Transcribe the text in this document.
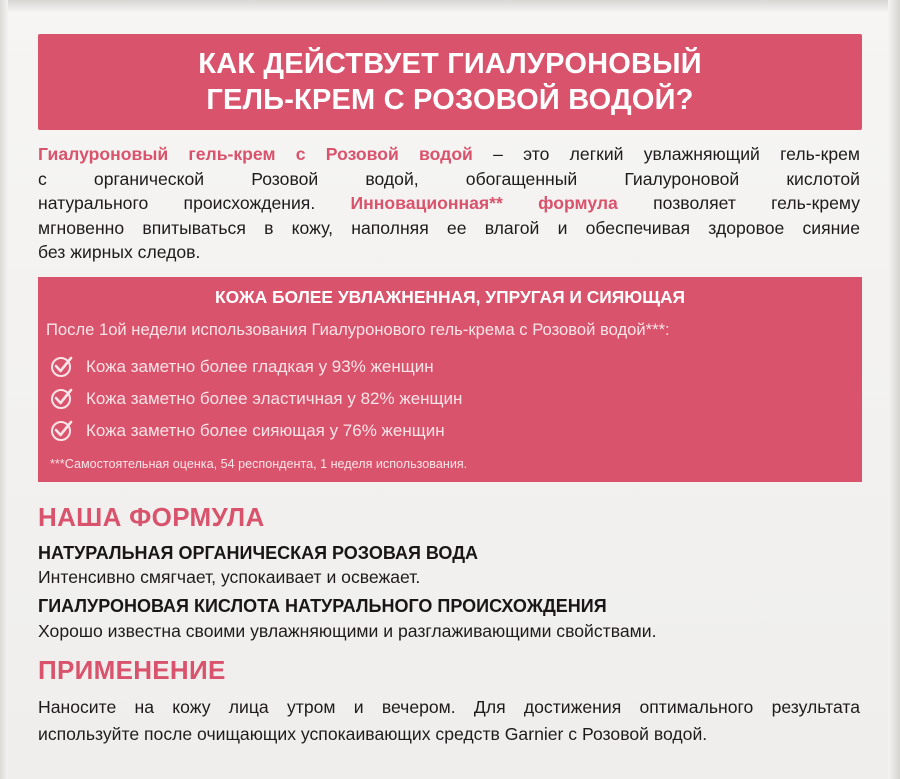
КАК ДЕЙСТВУЕТ ГИАЛУРОНОВЫЙ
ГЕЛЬ-КРЕМ С РОЗОВОЙ ВОДОЙ?
Гиалуроновый гель-крем с Розовой водой – это легкий увлажняющий гель-крем
с органической Розовой водой, обогащенный Гиалуроновой кислотой
натурального происхождения. Инновационная** формула позволяет гель-крему
мгновенно впитываться в кожу, наполняя ее влагой и обеспечивая здоровое сияние
без жирных следов.
КОЖА БОЛЕЕ УВЛАЖНЕННАЯ, УПРУГАЯ И СИЯЮЩАЯ
После 1ой недели использования Гиалуронового гель-крема с Розовой водой***:
Кожа заметно более гладкая у 93% женщин
Кожа заметно более эластичная у 82% женщин
Кожа заметно более сияющая у 76% женщин
***Самостоятельная оценка, 54 респондента, 1 неделя использования.
НАША ФОРМУЛА
НАТУРАЛЬНАЯ ОРГАНИЧЕСКАЯ РОЗОВАЯ ВОДА
Интенсивно смягчает, успокаивает и освежает.
ГИАЛУРОНОВАЯ КИСЛОТА НАТУРАЛЬНОГО ПРОИСХОЖДЕНИЯ
Хорошо известна своими увлажняющими и разглаживающими свойствами.
ПРИМЕНЕНИЕ
Наносите на кожу лица утром и вечером. Для достижения оптимального результата
используйте после очищающих успокаивающих средств Garnier с Розовой водой.
